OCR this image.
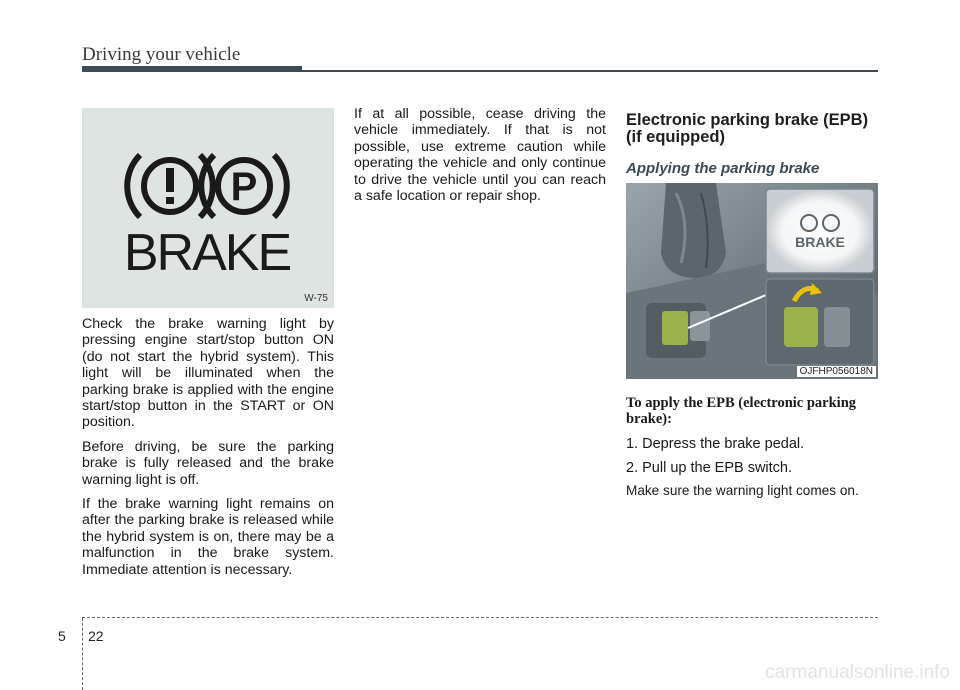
Driving your vehicle
P
BRAKE
W-75

Check the brake warning light by pressing engine start/stop button ON (do not start the hybrid system). This light will be illuminated when the parking brake is applied with the engine start/stop button in the START or ON position.

Before driving, be sure the parking brake is fully released and the brake warning light is off.

If the brake warning light remains on after the parking brake is released while the hybrid system is on, there may be a malfunction in the brake system. Immediate attention is necessary.

If at all possible, cease driving the vehicle immediately. If that is not possible, use extreme caution while operating the vehicle and only continue to drive the vehicle until you can reach a safe location or repair shop.

Electronic parking brake (EPB) (if equipped)
Applying the parking brake
BRAKE
OJFHP056018N

To apply the EPB (electronic parking brake):

1. Depress the brake pedal.

2. Pull up the EPB switch.

Make sure the warning light comes on.

5 22
carmanualsonline.info
